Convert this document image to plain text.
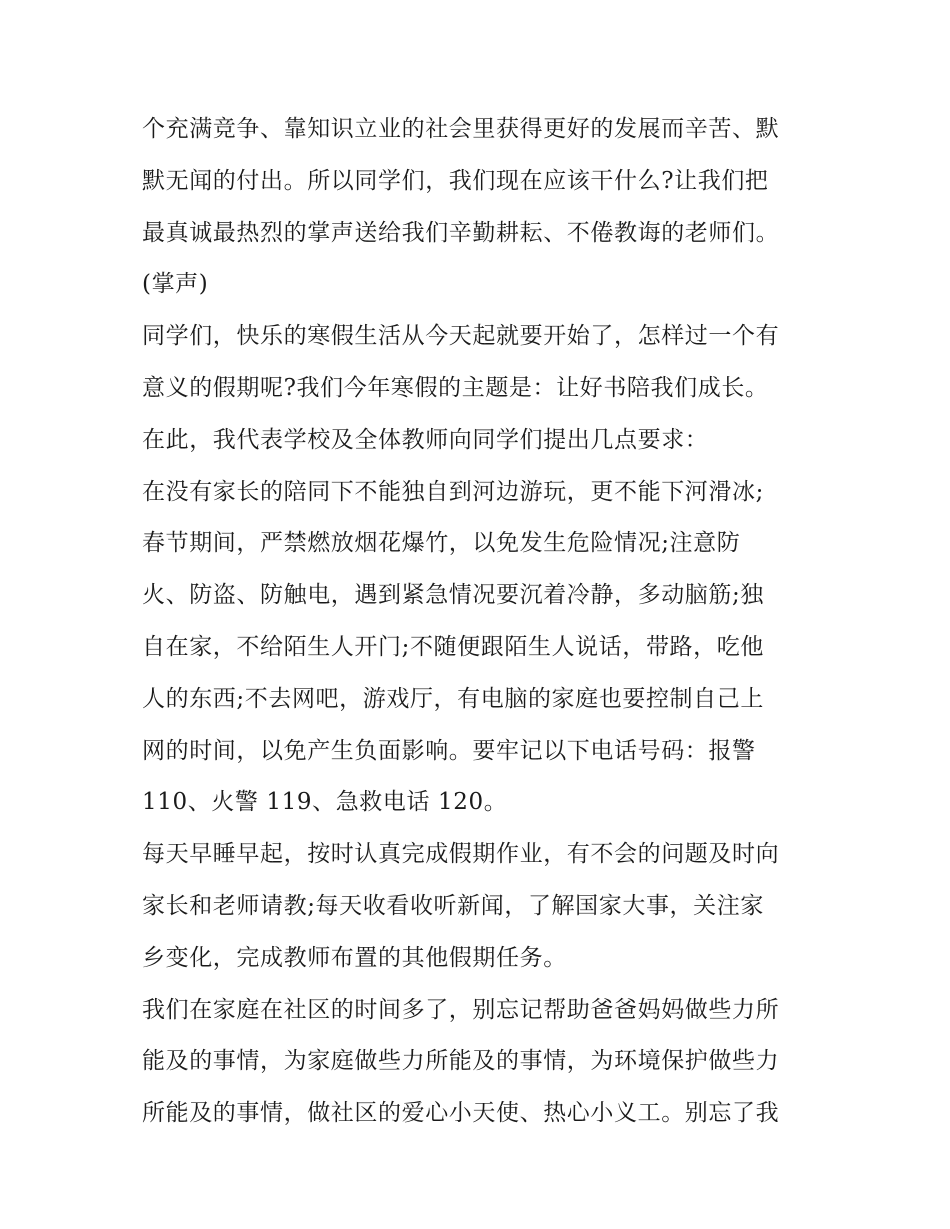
个充满竞争、靠知识立业的社会里获得更好的发展而辛苦、默
默无闻的付出。所以同学们，我们现在应该干什么?让我们把
最真诚最热烈的掌声送给我们辛勤耕耘、不倦教诲的老师们。
(掌声)
同学们，快乐的寒假生活从今天起就要开始了，怎样过一个有
意义的假期呢?我们今年寒假的主题是：让好书陪我们成长。
在此，我代表学校及全体教师向同学们提出几点要求：
在没有家长的陪同下不能独自到河边游玩，更不能下河滑冰;
春节期间，严禁燃放烟花爆竹，以免发生危险情况;注意防
火、防盗、防触电，遇到紧急情况要沉着冷静，多动脑筋;独
自在家，不给陌生人开门;不随便跟陌生人说话，带路，吃他
人的东西;不去网吧，游戏厅，有电脑的家庭也要控制自己上
网的时间，以免产生负面影响。要牢记以下电话号码：报警
110、火警 119、急救电话 120。
每天早睡早起，按时认真完成假期作业，有不会的问题及时向
家长和老师请教;每天收看收听新闻，了解国家大事，关注家
乡变化，完成教师布置的其他假期任务。
我们在家庭在社区的时间多了，别忘记帮助爸爸妈妈做些力所
能及的事情，为家庭做些力所能及的事情，为环境保护做些力
所能及的事情，做社区的爱心小天使、热心小义工。别忘了我
